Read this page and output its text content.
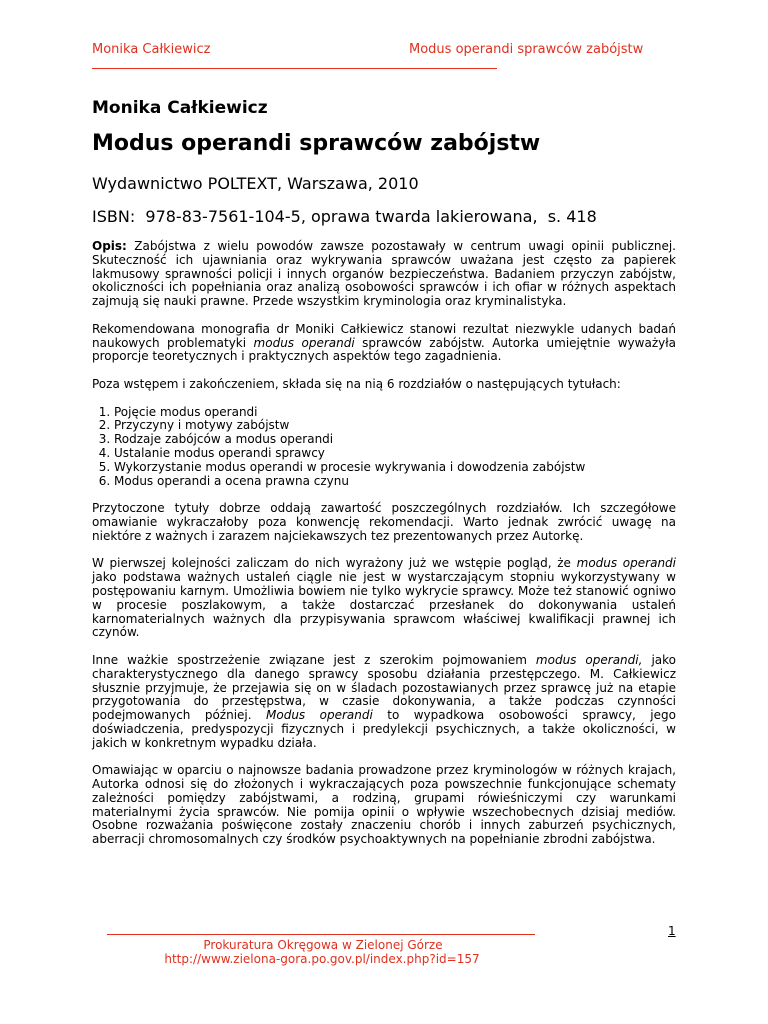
Monika Całkiewicz	Modus operandi sprawców zabójstw
Monika Całkiewicz
Modus operandi sprawców zabójstw
Wydawnictwo POLTEXT, Warszawa, 2010
ISBN:  978-83-7561-104-5, oprawa twarda lakierowana,  s. 418

Opis: Zabójstwa z wielu powodów zawsze pozostawały w centrum uwagi opinii publicznej. Skuteczność ich ujawniania oraz wykrywania sprawców uważana jest często za papierek lakmusowy sprawności policji i innych organów bezpieczeństwa. Badaniem przyczyn zabójstw, okoliczności ich popełniania oraz analizą osobowości sprawców i ich ofiar w różnych aspektach zajmują się nauki prawne. Przede wszystkim kryminologia oraz kryminalistyka.

Rekomendowana monografia dr Moniki Całkiewicz stanowi rezultat niezwykle udanych badań naukowych problematyki modus operandi sprawców zabójstw. Autorka umiejętnie wyważyła proporcje teoretycznych i praktycznych aspektów tego zagadnienia.

Poza wstępem i zakończeniem, składa się na nią 6 rozdziałów o następujących tytułach:

1. Pojęcie modus operandi
2. Przyczyny i motywy zabójstw
3. Rodzaje zabójców a modus operandi
4. Ustalanie modus operandi sprawcy
5. Wykorzystanie modus operandi w procesie wykrywania i dowodzenia zabójstw
6. Modus operandi a ocena prawna czynu

Przytoczone tytuły dobrze oddają zawartość poszczególnych rozdziałów. Ich szczegółowe omawianie wykraczałoby poza konwencję rekomendacji. Warto jednak zwrócić uwagę na niektóre z ważnych i zarazem najciekawszych tez prezentowanych przez Autorkę.

W pierwszej kolejności zaliczam do nich wyrażony już we wstępie pogląd, że modus operandi jako podstawa ważnych ustaleń ciągle nie jest w wystarczającym stopniu wykorzystywany w postępowaniu karnym. Umożliwia bowiem nie tylko wykrycie sprawcy. Może też stanowić ogniwo w procesie poszlakowym, a także dostarczać przesłanek do dokonywania ustaleń karnomaterialnych ważnych dla przypisywania sprawcom właściwej kwalifikacji prawnej ich czynów.

Inne ważkie spostrzeżenie związane jest z szerokim pojmowaniem modus operandi, jako charakterystycznego dla danego sprawcy sposobu działania przestępczego. M. Całkiewicz słusznie przyjmuje, że przejawia się on w śladach pozostawianych przez sprawcę już na etapie przygotowania do przestępstwa, w czasie dokonywania, a także podczas czynności podejmowanych później. Modus operandi to wypadkowa osobowości sprawcy, jego doświadczenia, predyspozycji fizycznych i predylekcji psychicznych, a także okoliczności, w jakich w konkretnym wypadku działa.

Omawiając w oparciu o najnowsze badania prowadzone przez kryminologów w różnych krajach, Autorka odnosi się do złożonych i wykraczających poza powszechnie funkcjonujące schematy zależności pomiędzy zabójstwami, a rodziną, grupami rówieśniczymi czy warunkami materialnymi życia sprawców. Nie pomija opinii o wpływie wszechobecnych dzisiaj mediów. Osobne rozważania poświęcone zostały znaczeniu chorób i innych zaburzeń psychicznych, aberracji chromosomalnych czy środków psychoaktywnych na popełnianie zbrodni zabójstwa.

Prokuratura Okręgowa w Zielonej Górze
http://www.zielona-gora.po.gov.pl/index.php?id=157
1
